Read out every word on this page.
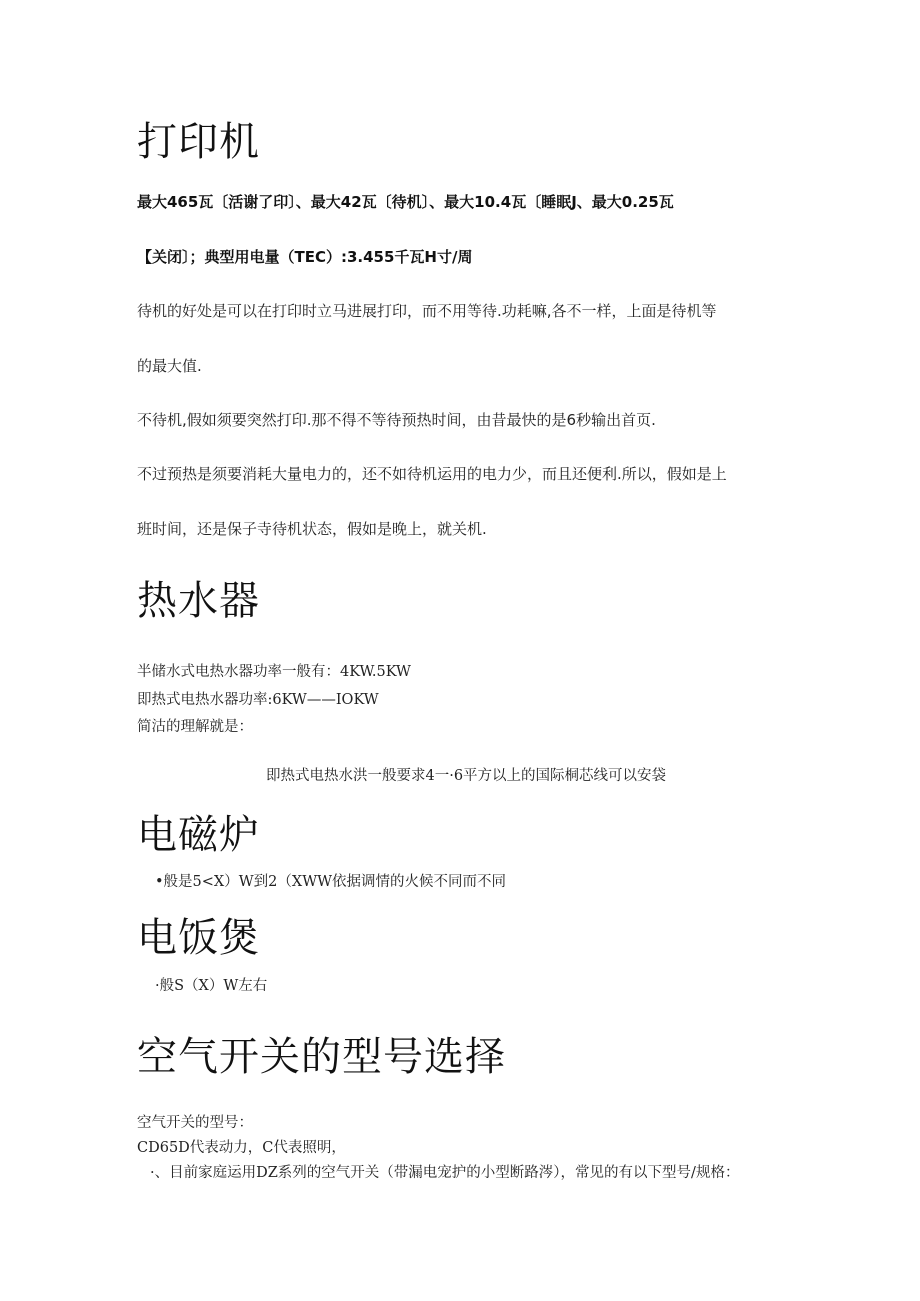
打印机
最大465瓦〔活谢了印〕、最大42瓦〔待机〕、最大10.4瓦〔睡眠J、最大0.25瓦
【关闭〕；典型用电量（TEC）:3.455千瓦H寸/周
待机的好处是可以在打印时立马进展打印，而不用等待.功耗嘛,各不一样，上面是待机等
的最大值.
不待机,假如须要突然打印.那不得不等待预热时间，由昔最快的是6秒输出首页.
不过预热是须要消耗大量电力的，还不如待机运用的电力少，而且还便利.所以，假如是上
班时间，还是保子寺待机状态，假如是晚上，就关机.
热水器
半储水式电热水器功率一般有：4KW.5KW
即热式电热水器功率:6KW——IOKW
简沽的理解就是：
即热式电热水洪一般要求4一·6平方以上的国际桐芯线可以安袋
电磁炉
•般是5<X）W到2（XWW依据调情的火候不同而不同
电饭煲
·般S（X）W左右
空气开关的型号选择
空气开关的型号：
CD65D代表动力，C代表照明，
·、目前家庭运用DZ系列的空气开关（带漏电宠护的小型断路涔），常见的有以下型号/规格：
